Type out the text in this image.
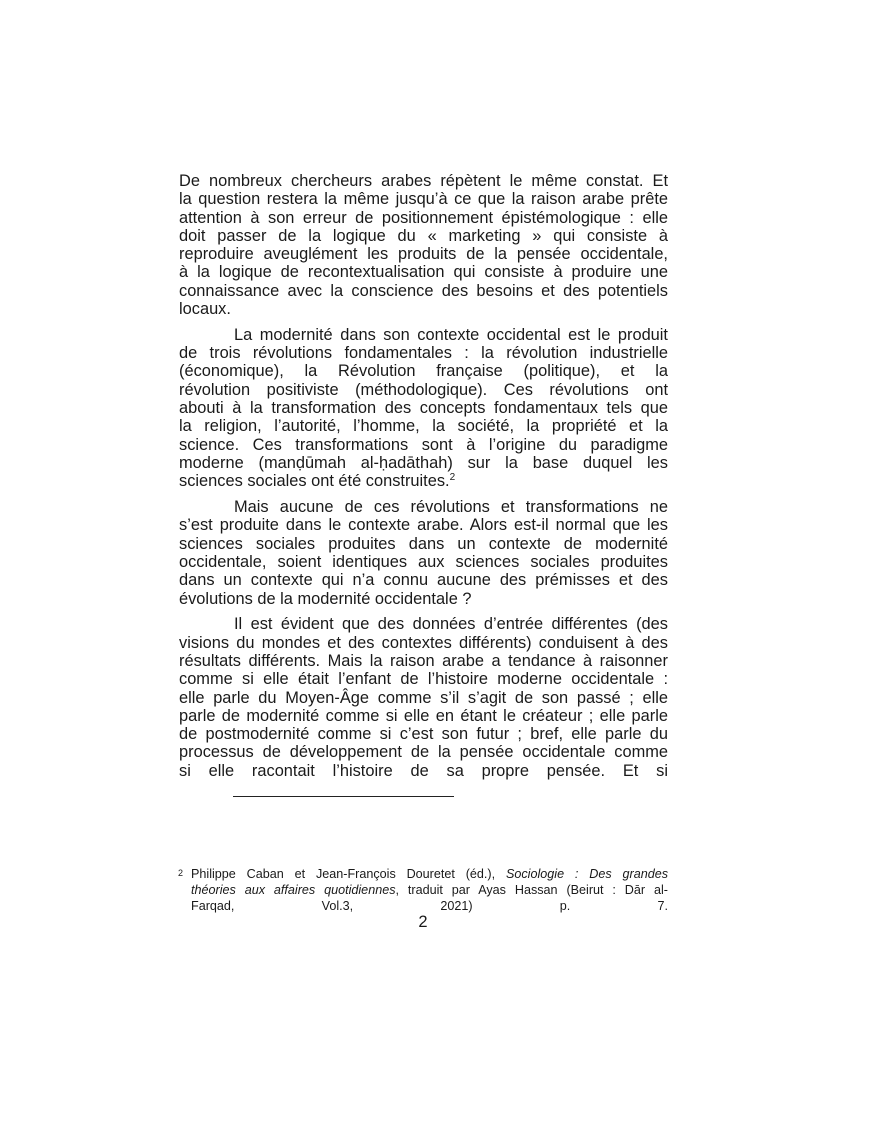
De nombreux chercheurs arabes répètent le même constat. Et
la question restera la même jusqu’à ce que la raison arabe prête
attention à son erreur de positionnement épistémologique : elle
doit passer de la logique du « marketing » qui consiste à
reproduire aveuglément les produits de la pensée occidentale,
à la logique de recontextualisation qui consiste à produire une
connaissance avec la conscience des besoins et des potentiels
locaux.
La modernité dans son contexte occidental est le produit
de trois révolutions fondamentales : la révolution industrielle
(économique), la Révolution française (politique), et la
révolution positiviste (méthodologique). Ces révolutions ont
abouti à la transformation des concepts fondamentaux tels que
la religion, l’autorité, l’homme, la société, la propriété et la
science. Ces transformations sont à l’origine du paradigme
moderne (manḍūmah al-ḥadāthah) sur la base duquel les
sciences sociales ont été construites.$^2$
Mais aucune de ces révolutions et transformations ne
s’est produite dans le contexte arabe. Alors est-il normal que les
sciences sociales produites dans un contexte de modernité
occidentale, soient identiques aux sciences sociales produites
dans un contexte qui n’a connu aucune des prémisses et des
évolutions de la modernité occidentale ?
Il est évident que des données d’entrée différentes (des
visions du mondes et des contextes différents) conduisent à des
résultats différents. Mais la raison arabe a tendance à raisonner
comme si elle était l’enfant de l’histoire moderne occidentale :
elle parle du Moyen-Âge comme s’il s’agit de son passé ; elle
parle de modernité comme si elle en étant le créateur ; elle parle
de postmodernité comme si c’est son futur ; bref, elle parle du
processus de développement de la pensée occidentale comme
si elle racontait l’histoire de sa propre pensée. Et si
2 Philippe Caban et Jean-François Douretet (éd.), Sociologie : Des grandes
théories aux affaires quotidiennes, traduit par Ayas Hassan (Beirut : Dār al-
Farqad, Vol.3, 2021) p. 7.
2
